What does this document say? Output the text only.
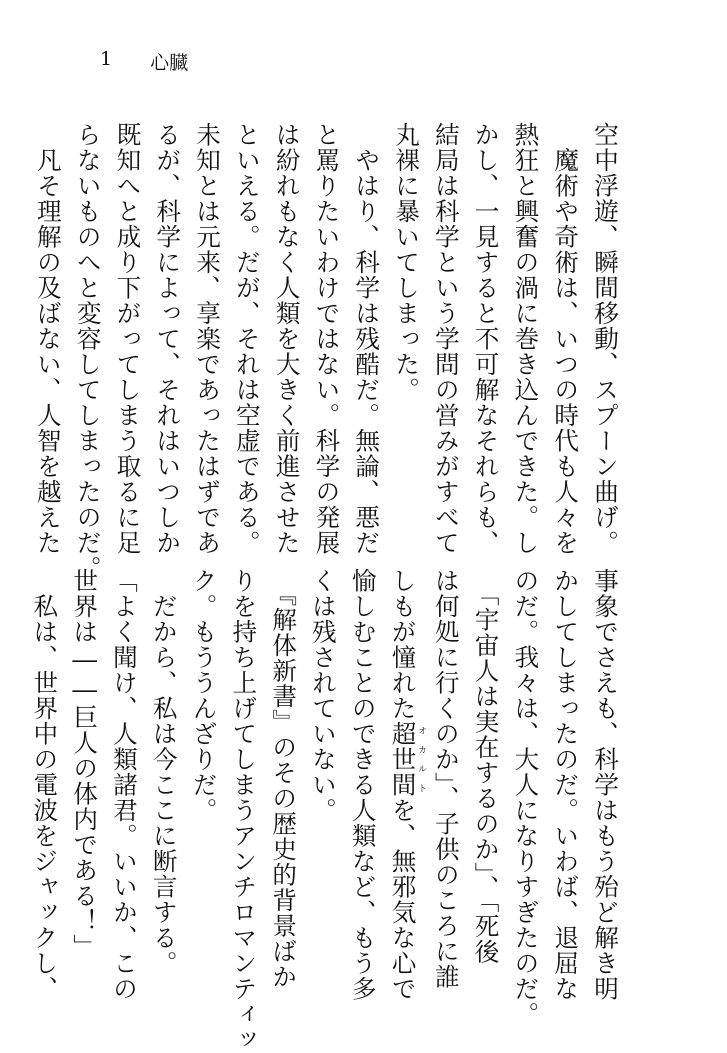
1 心臓
空中浮遊、瞬間移動、スプーン曲げ。
　魔術や奇術は、いつの時代も人々を
熱狂と興奮の渦に巻き込んできた。し
かし、一見すると不可解なそれらも、
結局は科学という学問の営みがすべて
丸裸に暴いてしまった。
　やはり、科学は残酷だ。無論、悪だ
と罵りたいわけではない。科学の発展
は紛れもなく人類を大きく前進させた
といえる。だが、それは空虚である。
未知とは元来、享楽であったはずであ
るが、科学によって、それはいつしか
既知へと成り下がってしまう取るに足
らないものへと変容してしまったのだ。
　凡そ理解の及ばない、人智を越えた
事象でさえも、科学はもう殆ど解き明
かしてしまったのだ。いわば、退屈な
のだ。我々は、大人になりすぎたのだ。
　「宇宙人は実在するのか」、「死後
は何処に行くのか」、子供のころに誰
しもが憧れた超世間オカルトを、無邪気な心で
愉しむことのできる人類など、もう多
くは残されていない。
　『解体新書』のその歴史的背景ばか
りを持ち上げてしまうアンチロマンティッ
ク。もううんざりだ。
　だから、私は今ここに断言する。
「よく聞け、人類諸君。いいか、この
世界は――巨人の体内である！」
　私は、世界中の電波をジャックし、
